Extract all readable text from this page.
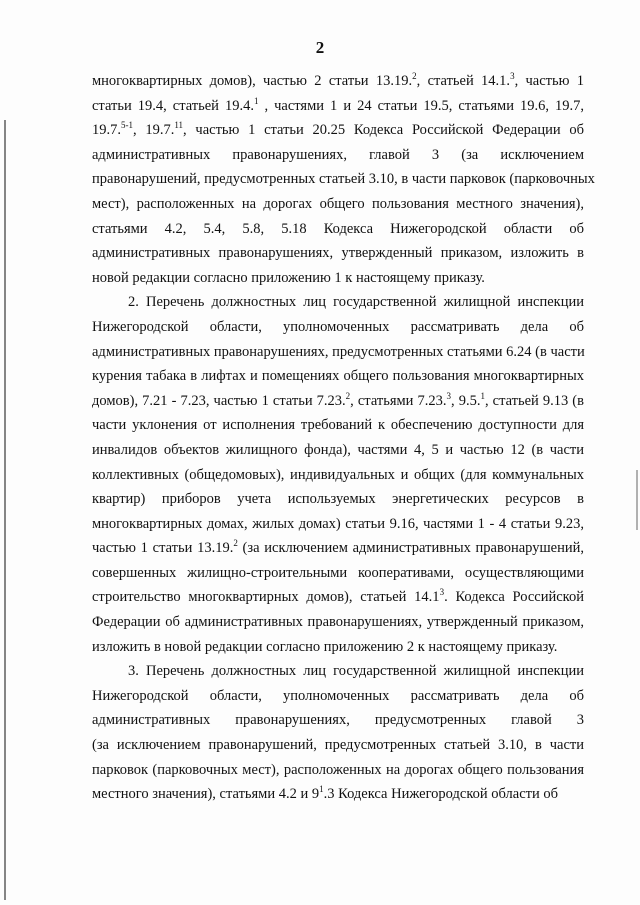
2
многоквартирных домов), частью 2 статьи 13.19.$^2$, статьей 14.1.$^3$, частью 1
статьи 19.4, статьей 19.4.$^1$ , частями 1 и 24 статьи 19.5, статьями 19.6, 19.7,
19.7.$^{5-1}$, 19.7.11, частью 1 статьи 20.25 Кодекса Российской Федерации об
административных правонарушениях, главой 3 (за исключением
правонарушений, предусмотренных статьей 3.10, в части парковок (парковочных
мест), расположенных на дорогах общего пользования местного значения),
статьями 4.2, 5.4, 5.8, 5.18 Кодекса Нижегородской области об
административных правонарушениях, утвержденный приказом, изложить в
новой редакции согласно приложению 1 к настоящему приказу.
2. Перечень должностных лиц государственной жилищной инспекции
Нижегородской области, уполномоченных рассматривать дела об
административных правонарушениях, предусмотренных статьями 6.24 (в части
курения табака в лифтах и помещениях общего пользования многоквартирных
домов), 7.21 - 7.23, частью 1 статьи 7.23.$^2$, статьями 7.23.$^3$, 9.5.$^1$, статьей 9.13 (в
части уклонения от исполнения требований к обеспечению доступности для
инвалидов объектов жилищного фонда), частями 4, 5 и частью 12 (в части
коллективных (общедомовых), индивидуальных и общих (для коммунальных
квартир) приборов учета используемых энергетических ресурсов в
многоквартирных домах, жилых домах) статьи 9.16, частями 1 - 4 статьи 9.23,
частью 1 статьи 13.19.$^2$ (за исключением административных правонарушений,
совершенных жилищно-строительными кооперативами, осуществляющими
строительство многоквартирных домов), статьей 14.1$^3$. Кодекса Российской
Федерации об административных правонарушениях, утвержденный приказом,
изложить в новой редакции согласно приложению 2 к настоящему приказу.
3. Перечень должностных лиц государственной жилищной инспекции
Нижегородской области, уполномоченных рассматривать дела об
административных правонарушениях, предусмотренных главой 3
(за исключением правонарушений, предусмотренных статьей 3.10, в части
парковок (парковочных мест), расположенных на дорогах общего пользования
местного значения), статьями 4.2 и $9^1.3$ Кодекса Нижегородской области об
